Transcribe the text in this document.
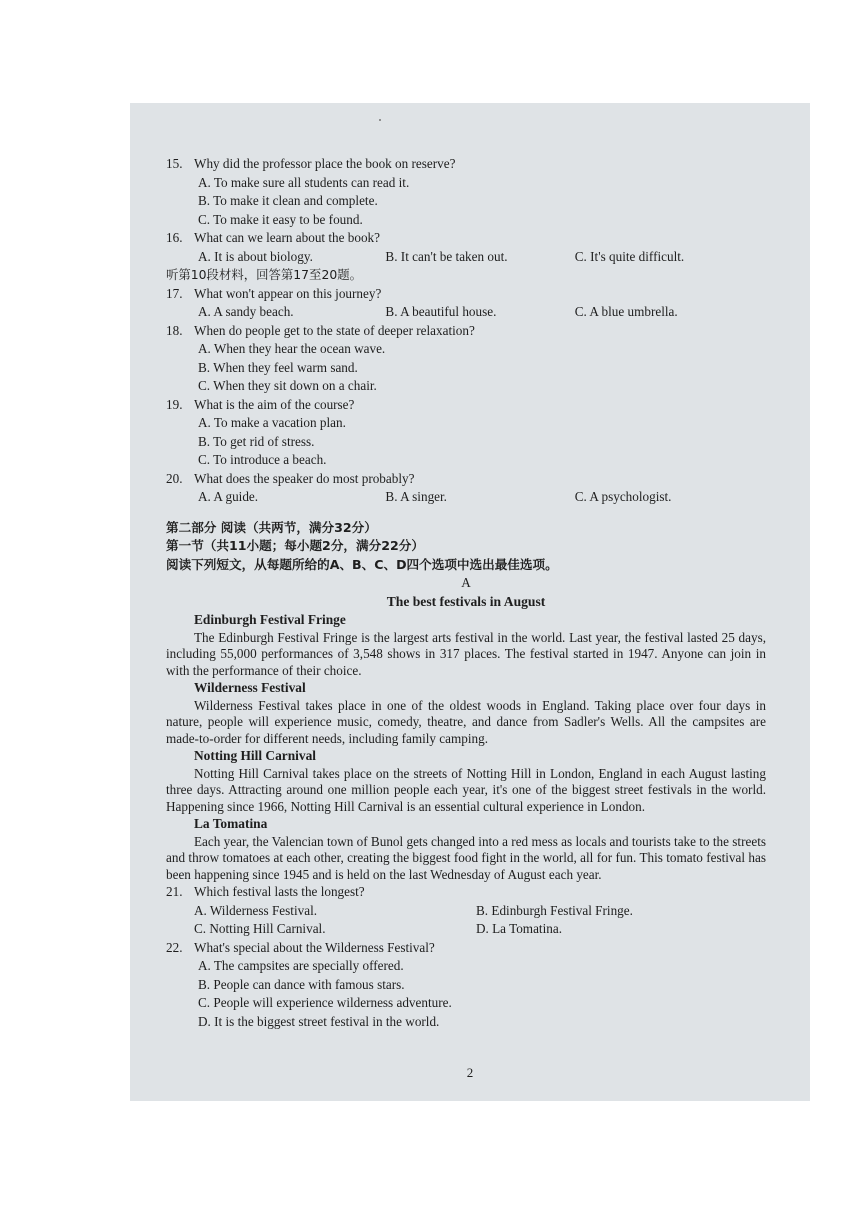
15. Why did the professor place the book on reserve?
A. To make sure all students can read it.
B. To make it clean and complete.
C. To make it easy to be found.
16. What can we learn about the book?
A. It is about biology.	B. It can't be taken out.	C. It's quite difficult.
听第10段材料，回答第17至20题。
17. What won't appear on this journey?
A. A sandy beach.	B. A beautiful house.	C. A blue umbrella.
18. When do people get to the state of deeper relaxation?
A. When they hear the ocean wave.
B. When they feel warm sand.
C. When they sit down on a chair.
19. What is the aim of the course?
A. To make a vacation plan.
B. To get rid of stress.
C. To introduce a beach.
20. What does the speaker do most probably?
A. A guide.	B. A singer.	C. A psychologist.
第二部分 阅读（共两节，满分32分）
第一节（共11小题；每小题2分，满分22分）
阅读下列短文，从每题所给的A、B、C、D四个选项中选出最佳选项。
A
The best festivals in August
Edinburgh Festival Fringe

The Edinburgh Festival Fringe is the largest arts festival in the world. Last year, the festival lasted 25 days, including 55,000 performances of 3,548 shows in 317 places. The festival started in 1947. Anyone can join in with the performance of their choice.

Wilderness Festival

Wilderness Festival takes place in one of the oldest woods in England. Taking place over four days in nature, people will experience music, comedy, theatre, and dance from Sadler's Wells. All the campsites are made-to-order for different needs, including family camping.

Notting Hill Carnival

Notting Hill Carnival takes place on the streets of Notting Hill in London, England in each August lasting three days. Attracting around one million people each year, it's one of the biggest street festivals in the world. Happening since 1966, Notting Hill Carnival is an essential cultural experience in London.

La Tomatina

Each year, the Valencian town of Bunol gets changed into a red mess as locals and tourists take to the streets and throw tomatoes at each other, creating the biggest food fight in the world, all for fun. This tomato festival has been happening since 1945 and is held on the last Wednesday of August each year.

21. Which festival lasts the longest?
A. Wilderness Festival.	B. Edinburgh Festival Fringe.
C. Notting Hill Carnival.	D. La Tomatina.
22. What's special about the Wilderness Festival?
A. The campsites are specially offered.
B. People can dance with famous stars.
C. People will experience wilderness adventure.
D. It is the biggest street festival in the world.
2
